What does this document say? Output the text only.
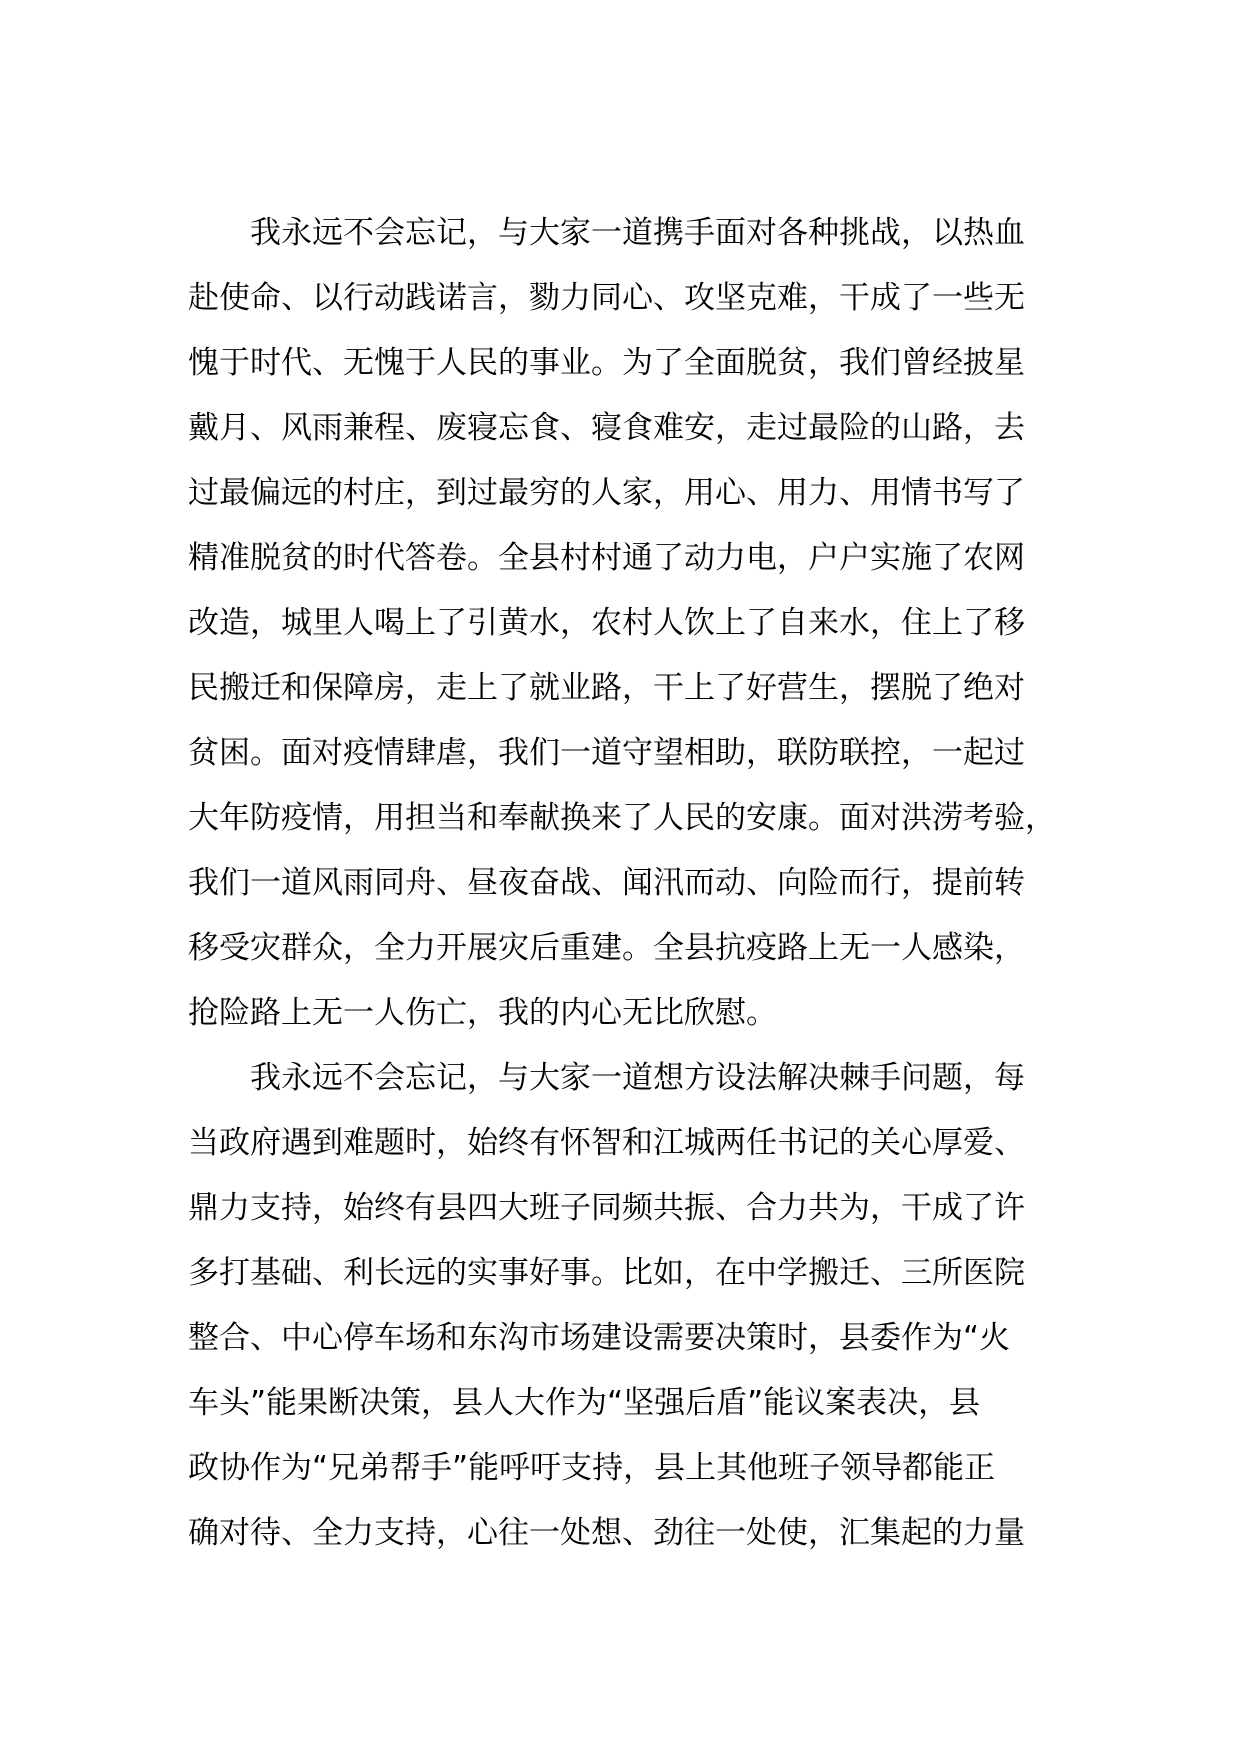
我永远不会忘记，与大家一道携手面对各种挑战，以热血
赴使命、以行动践诺言，勠力同心、攻坚克难，干成了一些无
愧于时代、无愧于人民的事业。为了全面脱贫，我们曾经披星
戴月、风雨兼程、废寝忘食、寝食难安，走过最险的山路，去
过最偏远的村庄，到过最穷的人家，用心、用力、用情书写了
精准脱贫的时代答卷。全县村村通了动力电，户户实施了农网
改造，城里人喝上了引黄水，农村人饮上了自来水，住上了移
民搬迁和保障房，走上了就业路，干上了好营生，摆脱了绝对
贫困。面对疫情肆虐，我们一道守望相助，联防联控，一起过
大年防疫情，用担当和奉献换来了人民的安康。面对洪涝考验，
我们一道风雨同舟、昼夜奋战、闻汛而动、向险而行，提前转
移受灾群众，全力开展灾后重建。全县抗疫路上无一人感染，
抢险路上无一人伤亡，我的内心无比欣慰。
我永远不会忘记，与大家一道想方设法解决棘手问题，每
当政府遇到难题时，始终有怀智和江城两任书记的关心厚爱、
鼎力支持，始终有县四大班子同频共振、合力共为，干成了许
多打基础、利长远的实事好事。比如，在中学搬迁、三所医院
整合、中心停车场和东沟市场建设需要决策时，县委作为“火
车头”能果断决策，县人大作为“坚强后盾”能议案表决，县
政协作为“兄弟帮手”能呼吁支持，县上其他班子领导都能正
确对待、全力支持，心往一处想、劲往一处使，汇集起的力量
